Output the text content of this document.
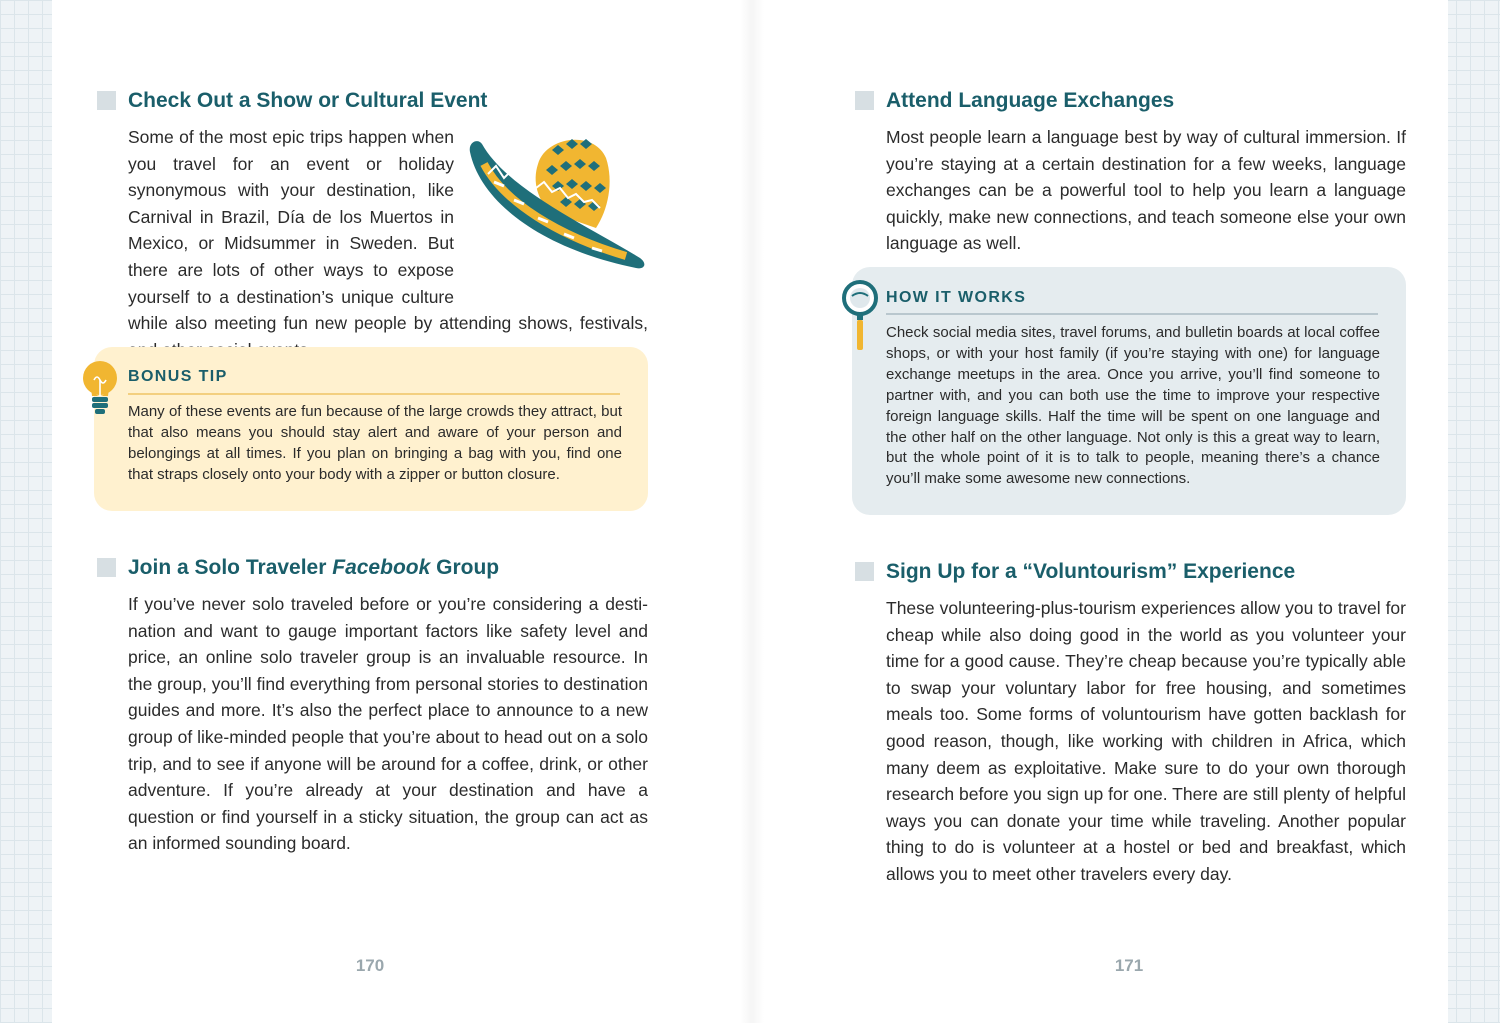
Check Out a Show or Cultural Event

Some of the most epic trips happen when you travel for an event or holiday synonymous with your destination, like Carnival in Brazil, Día de los Muertos in Mexico, or Midsummer in Sweden. But there are lots of other ways to expose yourself to a destination’s unique culture while also meeting fun new people by attending shows, festivals,

BONUS TIP

Many of these events are fun because of the large crowds they attract, but that also means you should stay alert and aware of your person and belongings at all times. If you plan on bringing a bag with you, find one that straps closely onto your body with a zipper or button closure.

Join a Solo Traveler Facebook Group

If you’ve never solo traveled before or you’re considering a destination and want to gauge important factors like safety level and price, an online solo traveler group is an invaluable resource. In the group, you’ll find everything from personal stories to destination guides and more. It’s also the perfect place to announce to a new group of like-minded people that you’re about to head out on a solo trip, and to see if anyone will be around for a coffee, drink, or other adventure. If you’re already at your destination and have a question or find yourself in a sticky situation, the group can act as an informed sounding board.

170

Attend Language Exchanges

Most people learn a language best by way of cultural immersion. If you’re staying at a certain destination for a few weeks, language exchanges can be a powerful tool to help you learn a language quickly, make new connections, and teach someone else your own language as well.

HOW IT WORKS

Check social media sites, travel forums, and bulletin boards at local coffee shops, or with your host family (if you’re staying with one) for language exchange meetups in the area. Once you arrive, you’ll find someone to partner with, and you can both use the time to improve your respective foreign language skills. Half the time will be spent on one language and the other half on the other language. Not only is this a great way to learn, but the whole point of it is to talk to people, meaning there’s a chance you’ll make some awesome new connections.

Sign Up for a “Voluntourism” Experience

These volunteering-plus-tourism experiences allow you to travel for cheap while also doing good in the world as you volunteer your time for a good cause. They’re cheap because you’re typically able to swap your voluntary labor for free housing, and sometimes meals too. Some forms of voluntourism have gotten backlash for good reason, though, like working with children in Africa, which many deem as exploitative. Make sure to do your own thorough research before you sign up for one. There are still plenty of helpful ways you can donate your time while traveling. Another popular thing to do is volunteer at a hostel or bed and breakfast, which allows you to meet other travelers every day.

171
